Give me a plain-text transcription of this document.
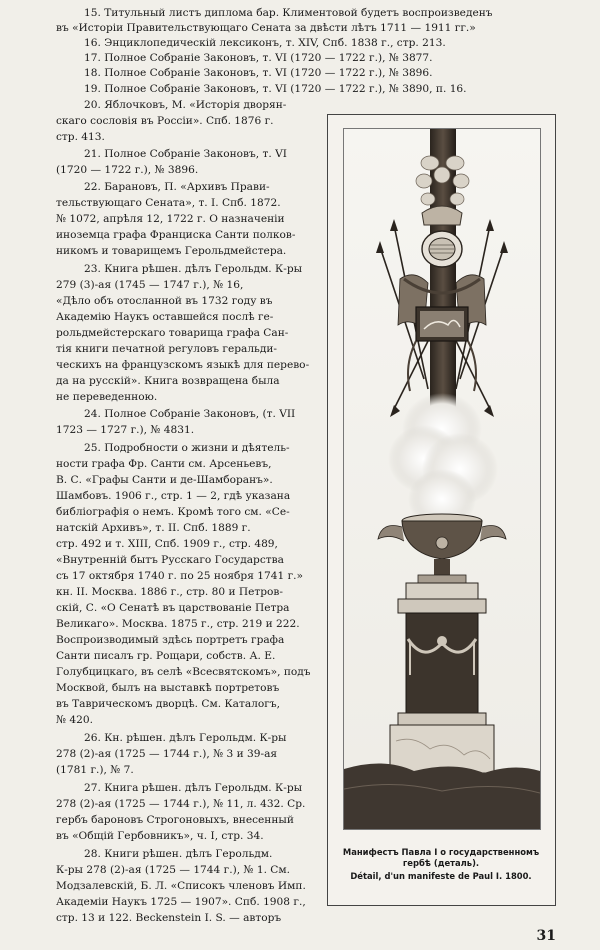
15. Титульный листъ диплома бар. Климентовой будетъ воспроизведенъ

въ «Исторіи Правительствующаго Сената за двѣсти лѣтъ 1711 — 1911 гг.»

16. Энциклопедическій лексиконъ, т. XIV, Спб. 1838 г., стр. 213.

17. Полное Собраніе Законовъ, т. VI (1720 — 1722 г.), № 3877.

18. Полное Собраніе Законовъ, т. VI (1720 — 1722 г.), № 3896.

19. Полное Собраніе Законовъ, т. VI (1720 — 1722 г.), № 3890, п. 16.

20. Яблочковъ, М. «Исторія дворян-

скаго сословія въ Россіи». Спб. 1876 г.

стр. 413.

21. Полное Собраніе Законовъ, т. VI

(1720 — 1722 г.), № 3896.

22. Барановъ, П. «Архивъ Прави-

тельствующаго Сената», т. I. Спб. 1872.

№ 1072, апрѣля 12, 1722 г. О назначеніи

иноземца графа Франциска Санти полков-

никомъ и товарищемъ Герольдмейстера.

23. Книга рѣшен. дѣлъ Герольдм. К-ры

279 (3)-ая (1745 — 1747 г.), № 16,

«Дѣло объ отосланной въ 1732 году въ

Академію Наукъ оставшейся послѣ ге-

рольдмейстерскаго товарища графа Сан-

тія книги печатной регуловъ геральди-

ческихъ на французскомъ языкѣ для перево-

да на русскій». Книга возвращена была

не переведенною.

24. Полное Собраніе Законовъ, (т. VII

1723 — 1727 г.), № 4831.

25. Подробности о жизни и дѣятель-

ности графа Фр. Санти см. Арсеньевъ,

В. С. «Графы Санти и де-Шамборанъ».

Шамбовъ. 1906 г., стр. 1 — 2, гдѣ указана

библіографія о немъ. Кромѣ того см. «Се-

натскій Архивъ», т. II. Спб. 1889 г.

стр. 492 и т. XIII, Спб. 1909 г., стр. 489,

«Внутренній бытъ Русскаго Государства

съ 17 октября 1740 г. по 25 ноября 1741 г.»

кн. II. Москва. 1886 г., стр. 80 и Петров-

скій, С. «О Сенатѣ въ царствованіе Петра

Великаго». Москва. 1875 г., стр. 219 и 222.

Воспроизводимый здѣсь портретъ графа

Санти писалъ гр. Рощари, собств. А. Е.

Голубцицкаго, въ селѣ «Всесвятскомъ», подъ

Москвой, былъ на выставкѣ портретовъ

въ Таврическомъ дворцѣ. См. Каталогъ,

№ 420.

26. Кн. рѣшен. дѣлъ Герольдм. К-ры

278 (2)-ая (1725 — 1744 г.), № 3 и 39-ая

(1781 г.), № 7.

27. Книга рѣшен. дѣлъ Герольдм. К-ры

278 (2)-ая (1725 — 1744 г.), № 11, л. 432. Ср.

гербъ бароновъ Строгоновыхъ, внесенный

въ «Общій Гербовникъ», ч. I, стр. 34.

28. Книги рѣшен. дѣлъ Герольдм.

К-ры 278 (2)-ая (1725 — 1744 г.), № 1. См.

Модзалевскій, Б. Л. «Списокъ членовъ Имп.

Академіи Наукъ 1725 — 1907». Спб. 1908 г.,

стр. 13 и 122. Beckenstein I. S. — авторъ

Манифестъ Павла I о государственномъ
гербѣ (деталь).
Détail, d'un manifeste de Paul I. 1800.
31
